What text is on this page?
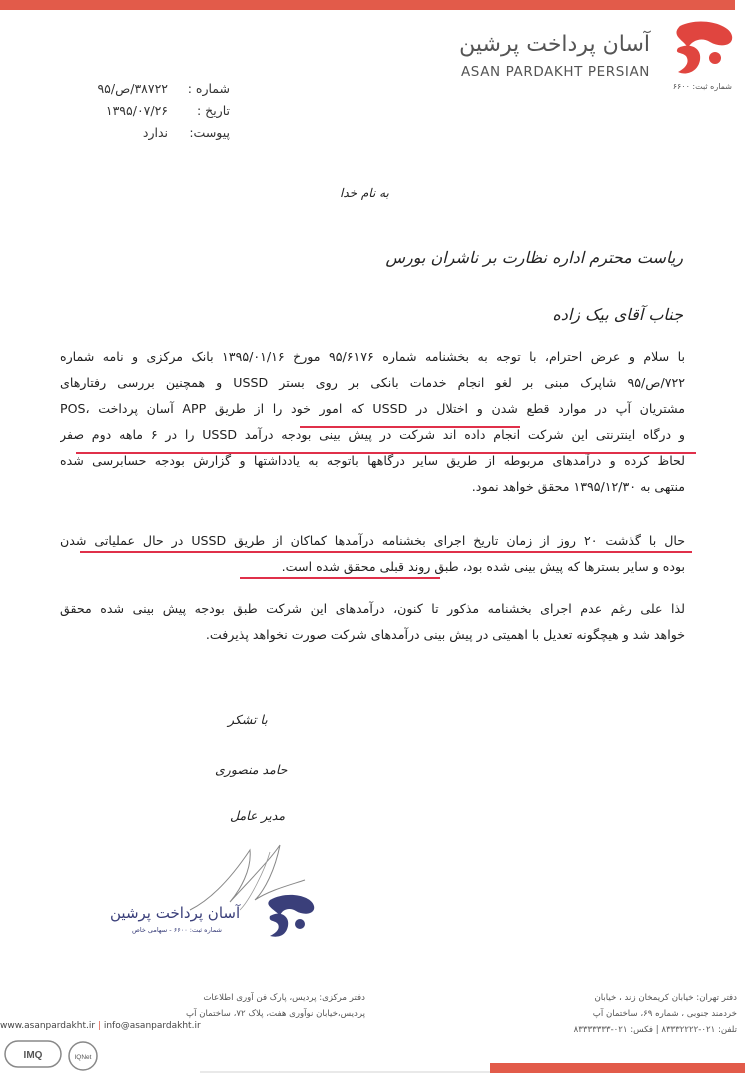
آسان پرداخت پرشین
ASAN PARDAKHT PERSIAN
شماره ثبت: ۶۶۰۰
شماره : ۳۸۷۲۲/ص/۹۵
تاریخ : ۱۳۹۵/۰۷/۲۶
پیوست: ندارد
به نام خدا
ریاست محترم اداره نظارت بر ناشران بورس
جناب آقای بیک زاده
با سلام و عرض احترام، با توجه به بخشنامه شماره ۹۵/۶۱۷۶ مورخ ۱۳۹۵/۰۱/۱۶ بانک مرکزی و نامه شماره
۷۲۲/ص/۹۵ شاپرک مبنی بر لغو انجام خدمات بانکی بر روی بستر USSD و همچنین بررسی رفتارهای
مشتریان آپ در موارد قطع شدن و اختلال در USSD که امور خود را از طریق APP آسان پرداخت ،POS
و درگاه اینترنتی این شرکت انجام داده اند شرکت در پیش بینی بودجه درآمد USSD را در ۶ ماهه دوم صفر
لحاظ کرده و درآمدهای مربوطه از طریق سایر درگاهها باتوجه به یادداشتها و گزارش بودجه حسابرسی شده
منتهی به ۱۳۹۵/۱۲/۳۰ محقق خواهد نمود.
حال با گذشت ۲۰ روز از زمان تاریخ اجرای بخشنامه درآمدها کماکان از طریق USSD در حال عملیاتی شدن
بوده و سایر بسترها که پیش بینی شده بود، طبق روند قبلی محقق شده است.
لذا علی رغم عدم اجرای بخشنامه مذکور تا کنون، درآمدهای این شرکت طبق بودجه پیش بینی شده محقق
خواهد شد و هیچگونه تعدیل با اهمیتی در پیش بینی درآمدهای شرکت صورت نخواهد پذیرفت.
با تشکر
حامد منصوری
مدیر عامل
آسان پرداخت پرشین
شماره ثبت: ۶۶۰۰ - سهامی خاص
دفتر تهران: خیابان کریمخان زند ، خیابان
خردمند جنوبی ، شماره ۶۹، ساختمان آپ
تلفن: ۰۲۱-۸۳۳۳۲۲۲۲ | فکس: ۰۲۱-۸۳۳۳۳۳۳۳
دفتر مرکزی: پردیس، پارک فن آوری اطلاعات
پردیس،خیابان نوآوری هفت، پلاک ۷۲، ساختمان آپ
www.asanpardakht.ir | info@asanpardakht.ir
IMQ	IQNet
